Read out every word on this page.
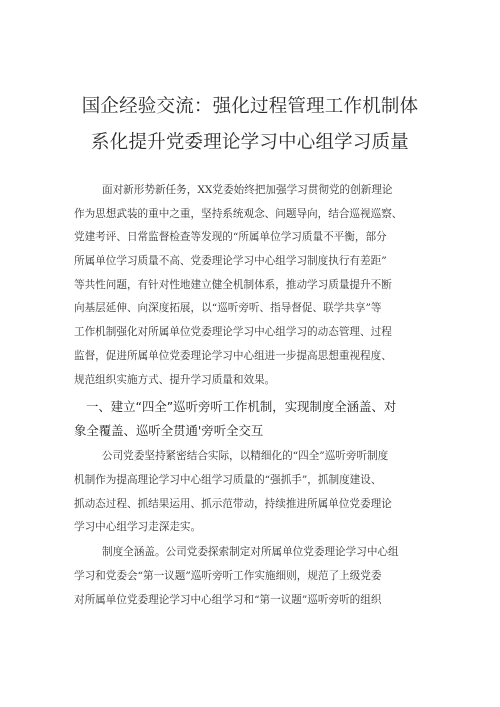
国企经验交流：强化过程管理工作机制体
系化提升党委理论学习中心组学习质量
面对新形势新任务，XX党委始终把加强学习贯彻党的创新理论
作为思想武装的重中之重，坚持系统观念、问题导向，结合巡视巡察、
党建考评、日常监督检查等发现的“所属单位学习质量不平衡，部分
所属单位学习质量不高、党委理论学习中心组学习制度执行有差距”
等共性问题，有针对性地建立健全机制体系，推动学习质量提升不断
向基层延伸、向深度拓展，以“巡听旁听、指导督促、联学共享”等
工作机制强化对所属单位党委理论学习中心组学习的动态管理、过程
监督，促进所属单位党委理论学习中心组进一步提高思想重视程度、
规范组织实施方式、提升学习质量和效果。
一、建立“四全”巡听旁听工作机制，实现制度全涵盖、对
象全覆盖、巡听全贯通'旁听全交互
公司党委坚持紧密结合实际，以精细化的“四全”巡听旁听制度
机制作为提高理论学习中心组学习质量的“强抓手”，抓制度建设、
抓动态过程、抓结果运用、抓示范带动，持续推进所属单位党委理论
学习中心组学习走深走实。
制度全涵盖。公司党委探索制定对所属单位党委理论学习中心组
学习和党委会“第一议题”巡听旁听工作实施细则，规范了上级党委
对所属单位党委理论学习中心组学习和“第一议题”巡听旁听的组织
